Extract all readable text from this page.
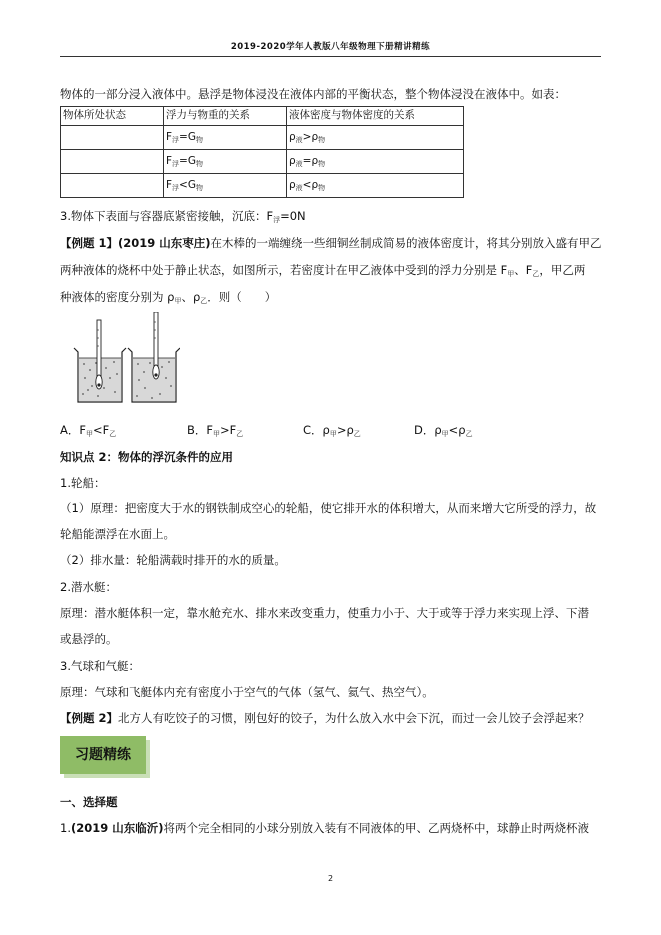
2019-2020学年人教版八年级物理下册精讲精练
物体的一部分浸入液体中。悬浮是物体浸没在液体内部的平衡状态，整个物体浸没在液体中。如表：
物体所处状态	浮力与物重的关系	液体密度与物体密度的关系
	$F_浮=G_物$	$\rho_液>\rho_物$
	$F_浮=G_物$	$\rho_液=\rho_物$
	$F_浮<G_物$	$\rho_液<\rho_物$
3.物体下表面与容器底紧密接触，沉底：$F_浮=0N$
【例题 1】(2019 山东枣庄)在木棒的一端缠绕一些细铜丝制成简易的液体密度计，将其分别放入盛有甲乙
两种液体的烧杯中处于静止状态，如图所示，若密度计在甲乙液体中受到的浮力分别是 $F_甲$、$F_乙$，甲乙两
种液体的密度分别为 $\rho_甲$、$\rho_乙$．则（　　）
A．$F_甲<F_乙$	B．$F_甲>F_乙$	C．$\rho_甲>\rho_乙$	D．$\rho_甲<\rho_乙$
知识点 2：物体的浮沉条件的应用
1.轮船：
（1）原理：把密度大于水的钢铁制成空心的轮船，使它排开水的体积增大，从而来增大它所受的浮力，故
轮船能漂浮在水面上。
（2）排水量：轮船满载时排开的水的质量。
2.潜水艇：
原理：潜水艇体积一定，靠水舱充水、排水来改变重力，使重力小于、大于或等于浮力来实现上浮、下潜
或悬浮的。
3.气球和气艇：
原理：气球和飞艇体内充有密度小于空气的气体（氢气、氦气、热空气）。
【例题 2】北方人有吃饺子的习惯，刚包好的饺子，为什么放入水中会下沉，而过一会儿饺子会浮起来？
习题精练
一、选择题
1.(2019 山东临沂)将两个完全相同的小球分别放入装有不同液体的甲、乙两烧杯中，球静止时两烧杯液
2
